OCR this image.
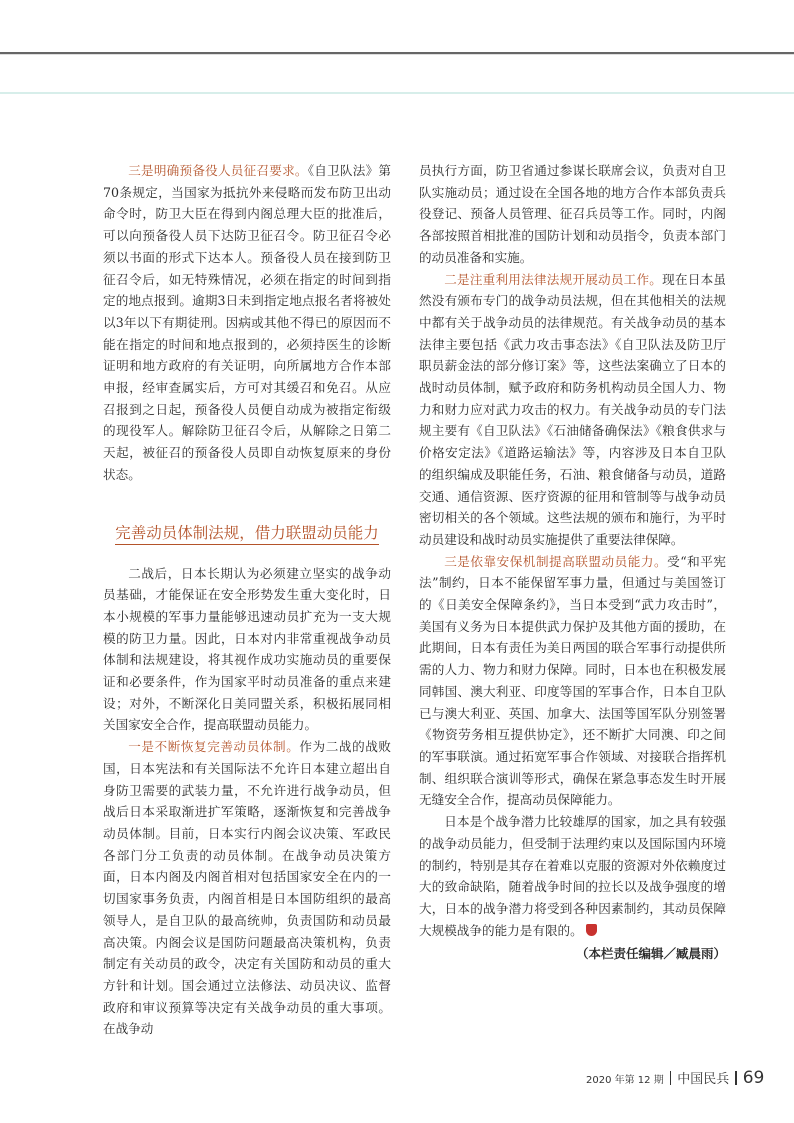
三是明确预备役人员征召要求。《自卫队法》第70条规定，当国家为抵抗外来侵略而发布防卫出动命令时，防卫大臣在得到内阁总理大臣的批准后，可以向预备役人员下达防卫征召令。防卫征召令必须以书面的形式下达本人。预备役人员在接到防卫征召令后，如无特殊情况，必须在指定的时间到指定的地点报到。逾期3日未到指定地点报名者将被处以3年以下有期徒刑。因病或其他不得已的原因而不能在指定的时间和地点报到的，必须持医生的诊断证明和地方政府的有关证明，向所属地方合作本部申报，经审查属实后，方可对其缓召和免召。从应召报到之日起，预备役人员便自动成为被指定衔级的现役军人。解除防卫征召令后，从解除之日第二天起，被征召的预备役人员即自动恢复原来的身份状态。

完善动员体制法规，借力联盟动员能力

二战后，日本长期认为必须建立坚实的战争动员基础，才能保证在安全形势发生重大变化时，日本小规模的军事力量能够迅速动员扩充为一支大规模的防卫力量。因此，日本对内非常重视战争动员体制和法规建设，将其视作成功实施动员的重要保证和必要条件，作为国家平时动员准备的重点来建设；对外，不断深化日美同盟关系，积极拓展同相关国家安全合作，提高联盟动员能力。

一是不断恢复完善动员体制。作为二战的战败国，日本宪法和有关国际法不允许日本建立超出自身防卫需要的武装力量，不允许进行战争动员，但战后日本采取渐进扩军策略，逐渐恢复和完善战争动员体制。目前，日本实行内阁会议决策、军政民各部门分工负责的动员体制。在战争动员决策方面，日本内阁及内阁首相对包括国家安全在内的一切国家事务负责，内阁首相是日本国防组织的最高领导人，是自卫队的最高统帅，负责国防和动员最高决策。内阁会议是国防问题最高决策机构，负责制定有关动员的政令，决定有关国防和动员的重大方针和计划。国会通过立法修法、动员决议、监督政府和审议预算等决定有关战争动员的重大事项。在战争动

员执行方面，防卫省通过参谋长联席会议，负责对自卫队实施动员；通过设在全国各地的地方合作本部负责兵役登记、预备人员管理、征召兵员等工作。同时，内阁各部按照首相批准的国防计划和动员指令，负责本部门的动员准备和实施。

二是注重利用法律法规开展动员工作。现在日本虽然没有颁布专门的战争动员法规，但在其他相关的法规中都有关于战争动员的法律规范。有关战争动员的基本法律主要包括《武力攻击事态法》《自卫队法及防卫厅职员薪金法的部分修订案》等，这些法案确立了日本的战时动员体制，赋予政府和防务机构动员全国人力、物力和财力应对武力攻击的权力。有关战争动员的专门法规主要有《自卫队法》《石油储备确保法》《粮食供求与价格安定法》《道路运输法》等，内容涉及日本自卫队的组织编成及职能任务，石油、粮食储备与动员，道路交通、通信资源、医疗资源的征用和管制等与战争动员密切相关的各个领域。这些法规的颁布和施行，为平时动员建设和战时动员实施提供了重要法律保障。

三是依靠安保机制提高联盟动员能力。受“和平宪法”制约，日本不能保留军事力量，但通过与美国签订的《日美安全保障条约》，当日本受到“武力攻击时”，美国有义务为日本提供武力保护及其他方面的援助，在此期间，日本有责任为美日两国的联合军事行动提供所需的人力、物力和财力保障。同时，日本也在积极发展同韩国、澳大利亚、印度等国的军事合作，日本自卫队已与澳大利亚、英国、加拿大、法国等国军队分别签署《物资劳务相互提供协定》，还不断扩大同澳、印之间的军事联演。通过拓宽军事合作领域、对接联合指挥机制、组织联合演训等形式，确保在紧急事态发生时开展无缝安全合作，提高动员保障能力。

日本是个战争潜力比较雄厚的国家，加之具有较强的战争动员能力，但受制于法理约束以及国际国内环境的制约，特别是其存在着难以克服的资源对外依赖度过大的致命缺陷，随着战争时间的拉长以及战争强度的增大，日本的战争潜力将受到各种因素制约，其动员保障大规模战争的能力是有限的。

（本栏责任编辑／臧晨雨）

2020 年第 12 期 中国民兵 69
